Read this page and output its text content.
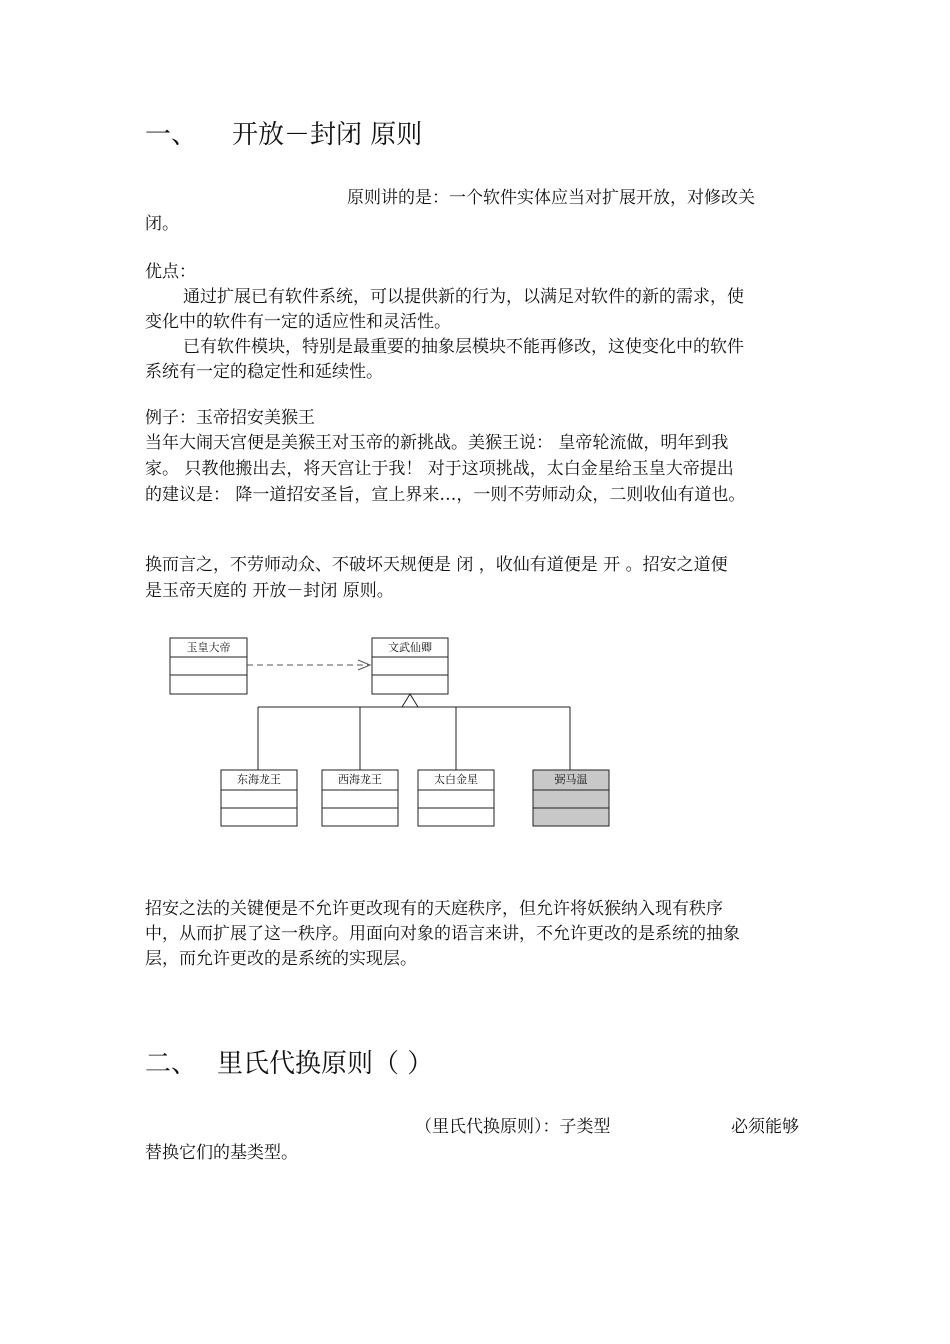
一、 开放－封闭 原则
原则讲的是：一个软件实体应当对扩展开放，对修改关
闭。
优点：
通过扩展已有软件系统，可以提供新的行为，以满足对软件的新的需求，使
变化中的软件有一定的适应性和灵活性。
已有软件模块，特别是最重要的抽象层模块不能再修改，这使变化中的软件
系统有一定的稳定性和延续性。
例子：玉帝招安美猴王
当年大闹天宫便是美猴王对玉帝的新挑战。美猴王说： 皇帝轮流做，明年到我
家。 只教他搬出去，将天宫让于我！ 对于这项挑战，太白金星给玉皇大帝提出
的建议是： 降一道招安圣旨，宣上界来…，一则不劳师动众，二则收仙有道也。
换而言之，不劳师动众、不破坏天规便是 闭 ，收仙有道便是 开 。招安之道便
是玉帝天庭的 开放－封闭 原则。
玉皇大帝	文武仙卿
东海龙王	西海龙王	太白金星	弼马温
招安之法的关键便是不允许更改现有的天庭秩序，但允许将妖猴纳入现有秩序
中，从而扩展了这一秩序。用面向对象的语言来讲，不允许更改的是系统的抽象
层，而允许更改的是系统的实现层。
二、 里氏代换原则（ ）
（里氏代换原则）：子类型	必须能够
替换它们的基类型。
